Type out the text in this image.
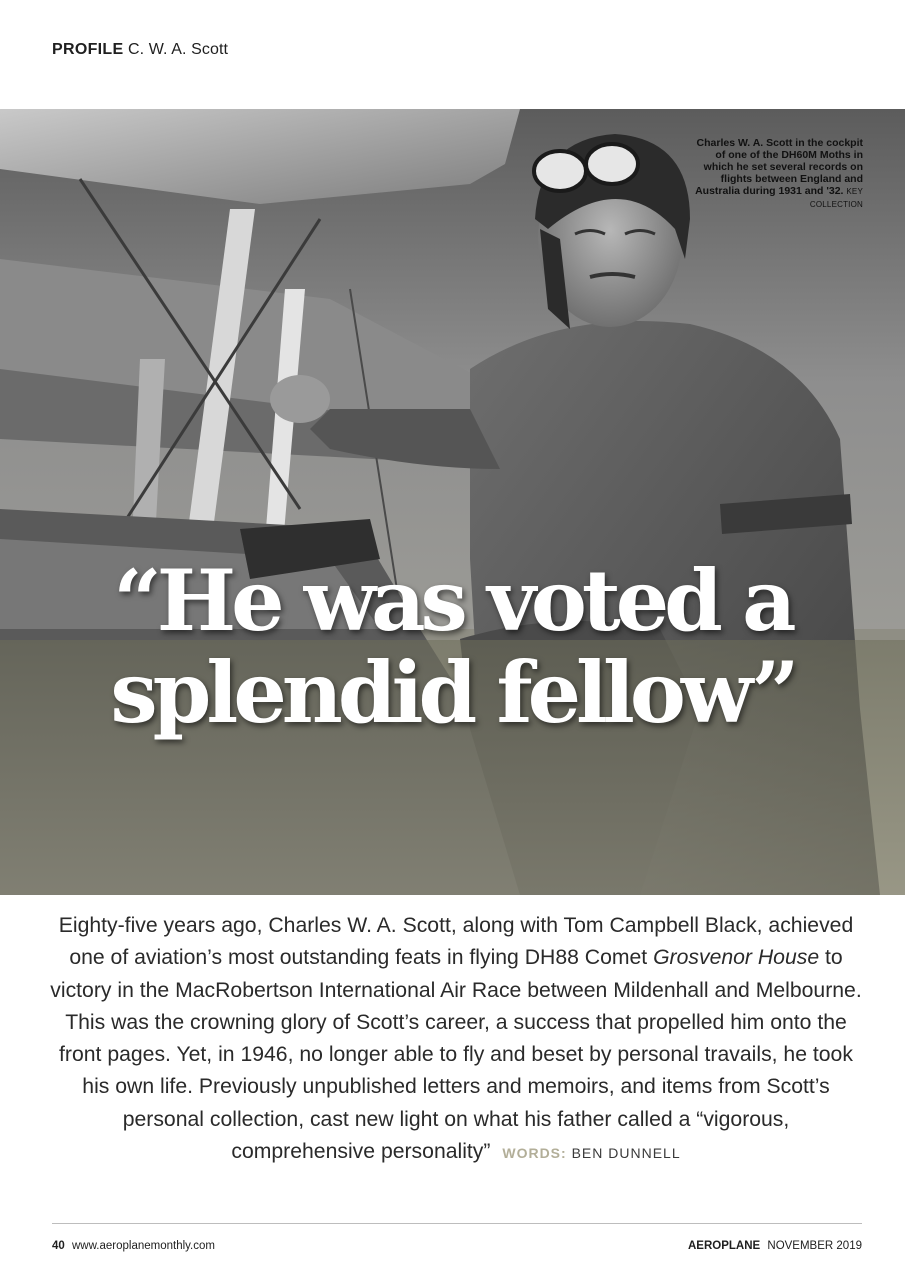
PROFILE C. W. A. Scott
Charles W. A. Scott in the cockpit of one of the DH60M Moths in which he set several records on flights between England and Australia during 1931 and '32. KEY COLLECTION
“He was voted a
splendid fellow”

Eighty-five years ago, Charles W. A. Scott, along with Tom Campbell Black, achieved one of aviation’s most outstanding feats in flying DH88 Comet Grosvenor House to victory in the MacRobertson International Air Race between Mildenhall and Melbourne. This was the crowning glory of Scott’s career, a success that propelled him onto the front pages. Yet, in 1946, no longer able to fly and beset by personal travails, he took his own life. Previously unpublished letters and memoirs, and items from Scott’s personal collection, cast new light on what his father called a “vigorous, comprehensive personality” WORDS: BEN DUNNELL

40 www.aeroplanemonthly.com	AEROPLANE NOVEMBER 2019
